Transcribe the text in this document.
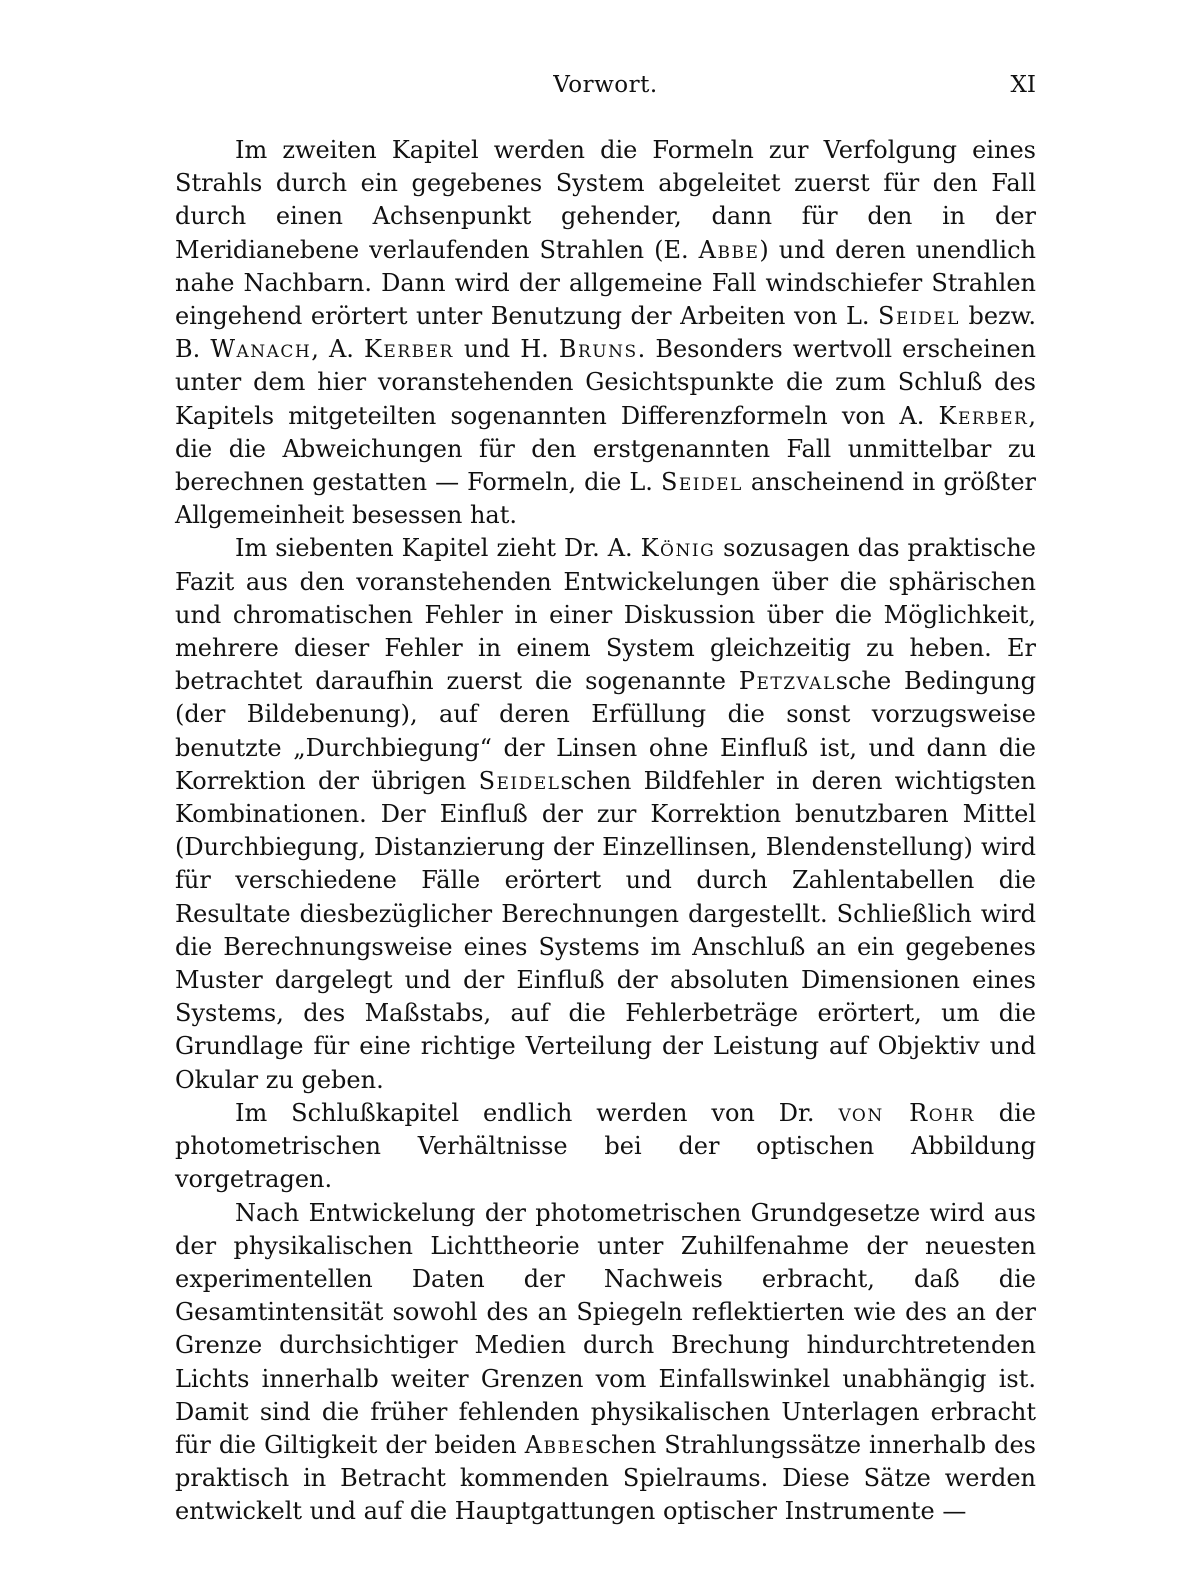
Vorwort.	XI

Im zweiten Kapitel werden die Formeln zur Verfolgung eines Strahls durch ein gegebenes System abgeleitet zuerst für den Fall durch einen Achsenpunkt gehender, dann für den in der Meridianebene verlaufenden Strahlen (E. Abbe) und deren unendlich nahe Nachbarn. Dann wird der allgemeine Fall windschiefer Strahlen eingehend erörtert unter Benutzung der Arbeiten von L. Seidel bezw. B. Wanach, A. Kerber und H. Bruns. Besonders wertvoll erscheinen unter dem hier voranstehenden Gesichtspunkte die zum Schluß des Kapitels mitgeteilten sogenannten Differenzformeln von A. Kerber, die die Abweichungen für den erstgenannten Fall unmittelbar zu berechnen gestatten — Formeln, die L. Seidel anscheinend in größter Allgemeinheit besessen hat.

Im siebenten Kapitel zieht Dr. A. König sozusagen das praktische Fazit aus den voranstehenden Entwickelungen über die sphärischen und chromatischen Fehler in einer Diskussion über die Möglichkeit, mehrere dieser Fehler in einem System gleichzeitig zu heben. Er betrachtet daraufhin zuerst die sogenannte Petzvalsche Bedingung (der Bildebenung), auf deren Erfüllung die sonst vorzugsweise benutzte „Durchbiegung“ der Linsen ohne Einfluß ist, und dann die Korrektion der übrigen Seidelschen Bildfehler in deren wichtigsten Kombinationen. Der Einfluß der zur Korrektion benutzbaren Mittel (Durchbiegung, Distanzierung der Einzellinsen, Blendenstellung) wird für verschiedene Fälle erörtert und durch Zahlentabellen die Resultate diesbezüglicher Berechnungen dargestellt. Schließlich wird die Berechnungsweise eines Systems im Anschluß an ein gegebenes Muster dargelegt und der Einfluß der absoluten Dimensionen eines Systems, des Maßstabs, auf die Fehlerbeträge erörtert, um die Grundlage für eine richtige Verteilung der Leistung auf Objektiv und Okular zu geben.

Im Schlußkapitel endlich werden von Dr. von Rohr die photometrischen Verhältnisse bei der optischen Abbildung vorgetragen.

Nach Entwickelung der photometrischen Grundgesetze wird aus der physikalischen Lichttheorie unter Zuhilfenahme der neuesten experimentellen Daten der Nachweis erbracht, daß die Gesamtintensität sowohl des an Spiegeln reflektierten wie des an der Grenze durchsichtiger Medien durch Brechung hindurchtretenden Lichts innerhalb weiter Grenzen vom Einfallswinkel unabhängig ist. Damit sind die früher fehlenden physikalischen Unterlagen erbracht für die Giltigkeit der beiden Abbeschen Strahlungssätze innerhalb des praktisch in Betracht kommenden Spielraums. Diese Sätze werden entwickelt und auf die Hauptgattungen optischer Instrumente —
